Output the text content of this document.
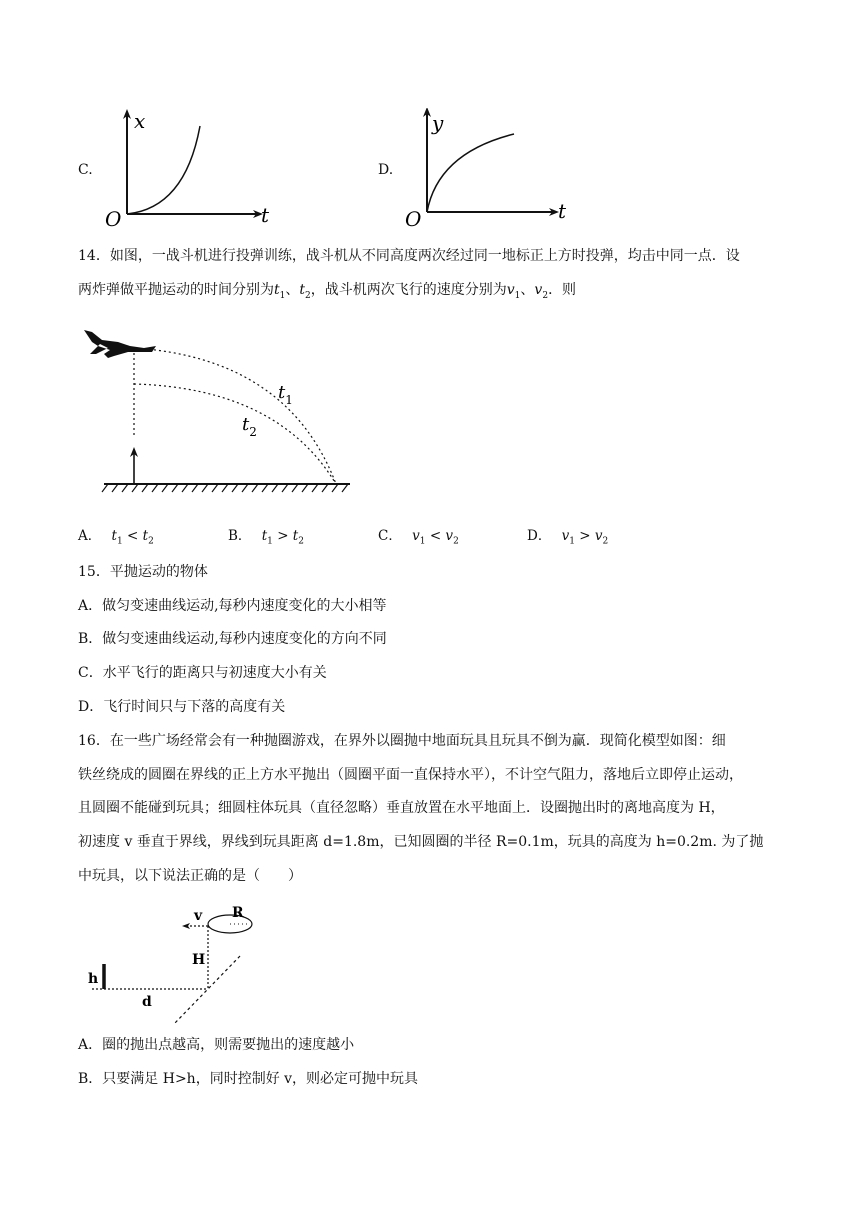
C.
x
t
O
D.
y
t
O
14．如图，一战斗机进行投弹训练，战斗机从不同高度两次经过同一地标正上方时投弹，均击中同一点．设
两炸弹做平抛运动的时间分别为$t_1$、$t_2$，战斗机两次飞行的速度分别为$v_1$、$v_2$．则
$t_1$
$t_2$
A． $t_1 < t_2$	B． $t_1 > t_2$	C． $v_1 < v_2$	D． $v_1 > v_2$
15．平抛运动的物体
A．做匀变速曲线运动,每秒内速度变化的大小相等
B．做匀变速曲线运动,每秒内速度变化的方向不同
C．水平飞行的距离只与初速度大小有关
D．飞行时间只与下落的高度有关
16．在一些广场经常会有一种抛圈游戏，在界外以圈抛中地面玩具且玩具不倒为赢．现简化模型如图：细
铁丝绕成的圆圈在界线的正上方水平抛出（圆圈平面一直保持水平），不计空气阻力，落地后立即停止运动，
且圆圈不能碰到玩具；细圆柱体玩具（直径忽略）垂直放置在水平地面上．设圈抛出时的离地高度为 H，
初速度 v 垂直于界线，界线到玩具距离 d=1.8m，已知圆圈的半径 R=0.1m，玩具的高度为 h=0.2m. 为了抛
中玩具，以下说法正确的是（　　）
R
v
H
d
h
A．圈的抛出点越高，则需要抛出的速度越小
B．只要满足 H>h，同时控制好 v，则必定可抛中玩具
